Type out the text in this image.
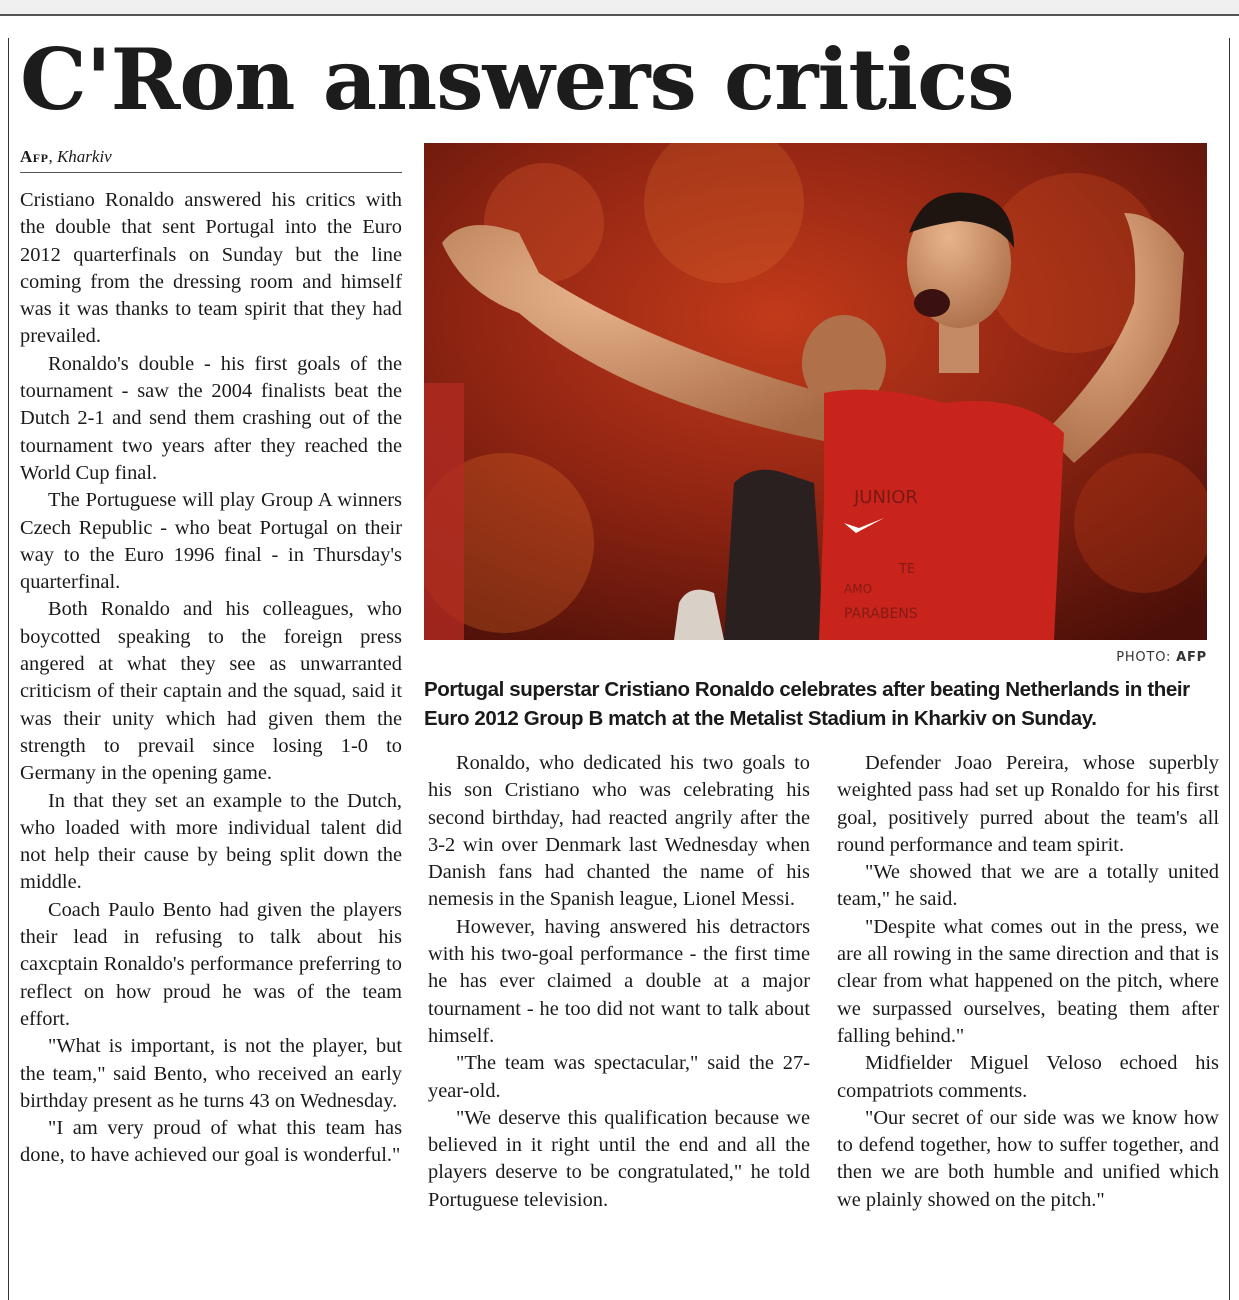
C'Ron answers critics
Afp, Kharkiv

Cristiano Ronaldo answered his critics with the double that sent Portugal into the Euro 2012 quarterfinals on Sunday but the line coming from the dressing room and himself was it was thanks to team spirit that they had prevailed.

Ronaldo's double - his first goals of the tournament - saw the 2004 finalists beat the Dutch 2-1 and send them crashing out of the tournament two years after they reached the World Cup final.

The Portuguese will play Group A winners Czech Republic - who beat Portugal on their way to the Euro 1996 final - in Thursday's quarterfinal.

Both Ronaldo and his colleagues, who boycotted speaking to the foreign press angered at what they see as unwarranted criticism of their captain and the squad, said it was their unity which had given them the strength to prevail since losing 1-0 to Germany in the opening game.

In that they set an example to the Dutch, who loaded with more individual talent did not help their cause by being split down the middle.

Coach Paulo Bento had given the players their lead in refusing to talk about his caxcptain Ronaldo's performance preferring to reflect on how proud he was of the team effort.

"What is important, is not the player, but the team," said Bento, who received an early birthday present as he turns 43 on Wednesday.

"I am very proud of what this team has done, to have achieved our goal is wonderful."

JUNIOR
TE
AMO
PARABENS
PHOTO: AFP
Portugal superstar Cristiano Ronaldo celebrates after beating Netherlands in their Euro 2012 Group B match at the Metalist Stadium in Kharkiv on Sunday.

Ronaldo, who dedicated his two goals to his son Cristiano who was celebrating his second birthday, had reacted angrily after the 3-2 win over Denmark last Wednesday when Danish fans had chanted the name of his nemesis in the Spanish league, Lionel Messi.

However, having answered his detractors with his two-goal performance - the first time he has ever claimed a double at a major tournament - he too did not want to talk about himself.

"The team was spectacular," said the 27-year-old.

"We deserve this qualification because we believed in it right until the end and all the players deserve to be congratulated," he told Portuguese television.

Defender Joao Pereira, whose superbly weighted pass had set up Ronaldo for his first goal, positively purred about the team's all round performance and team spirit.

"We showed that we are a totally united team," he said.

"Despite what comes out in the press, we are all rowing in the same direction and that is clear from what happened on the pitch, where we surpassed ourselves, beating them after falling behind."

Midfielder Miguel Veloso echoed his compatriots comments.

"Our secret of our side was we know how to defend together, how to suffer together, and then we are both humble and unified which we plainly showed on the pitch."
